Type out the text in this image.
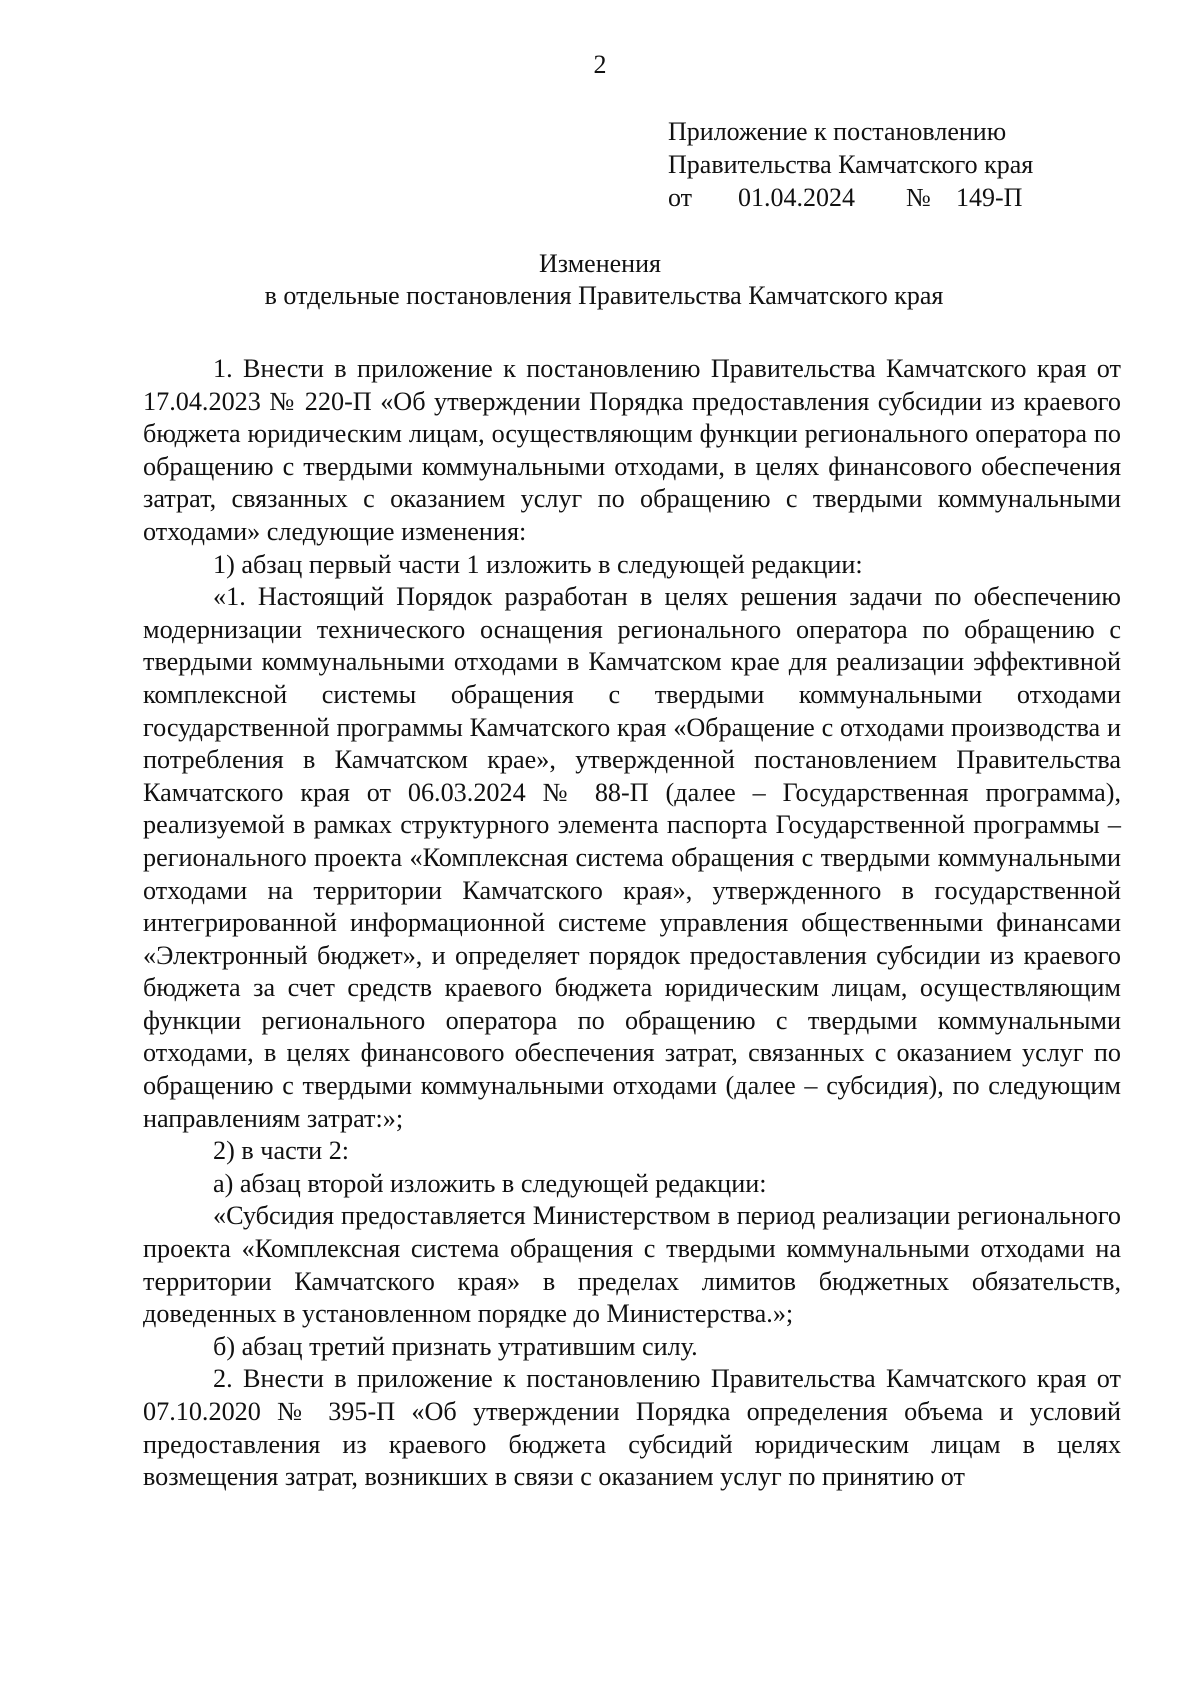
2
Приложение к постановлению
Правительства Камчатского края
от 01.04.2024 № 149-П
Изменения
в отдельные постановления Правительства Камчатского края

1. Внести в приложение к постановлению Правительства Камчатского края от 17.04.2023 № 220-П «Об утверждении Порядка предоставления субсидии из краевого бюджета юридическим лицам, осуществляющим функции регионального оператора по обращению с твердыми коммунальными отходами, в целях финансового обеспечения затрат, связанных с оказанием услуг по обращению с твердыми коммунальными отходами» следующие изменения:

1) абзац первый части 1 изложить в следующей редакции:

«1. Настоящий Порядок разработан в целях решения задачи по обеспечению модернизации технического оснащения регионального оператора по обращению с твердыми коммунальными отходами в Камчатском крае для реализации эффективной комплексной системы обращения с твердыми коммунальными отходами государственной программы Камчатского края «Обращение с отходами производства и потребления в Камчатском крае», утвержденной постановлением Правительства Камчатского края от 06.03.2024 № 88-П (далее – Государственная программа), реализуемой в рамках структурного элемента паспорта Государственной программы – регионального проекта «Комплексная система обращения с твердыми коммунальными отходами на территории Камчатского края», утвержденного в государственной интегрированной информационной системе управления общественными финансами «Электронный бюджет», и определяет порядок предоставления субсидии из краевого бюджета за счет средств краевого бюджета юридическим лицам, осуществляющим функции регионального оператора по обращению с твердыми коммунальными отходами, в целях финансового обеспечения затрат, связанных с оказанием услуг по обращению с твердыми коммунальными отходами (далее – субсидия), по следующим направлениям затрат:»;

2) в части 2:

а) абзац второй изложить в следующей редакции:

«Субсидия предоставляется Министерством в период реализации регионального проекта «Комплексная система обращения с твердыми коммунальными отходами на территории Камчатского края» в пределах лимитов бюджетных обязательств, доведенных в установленном порядке до Министерства.»;

б) абзац третий признать утратившим силу.

2. Внести в приложение к постановлению Правительства Камчатского края от 07.10.2020 № 395-П «Об утверждении Порядка определения объема и условий предоставления из краевого бюджета субсидий юридическим лицам в целях возмещения затрат, возникших в связи с оказанием услуг по принятию от
